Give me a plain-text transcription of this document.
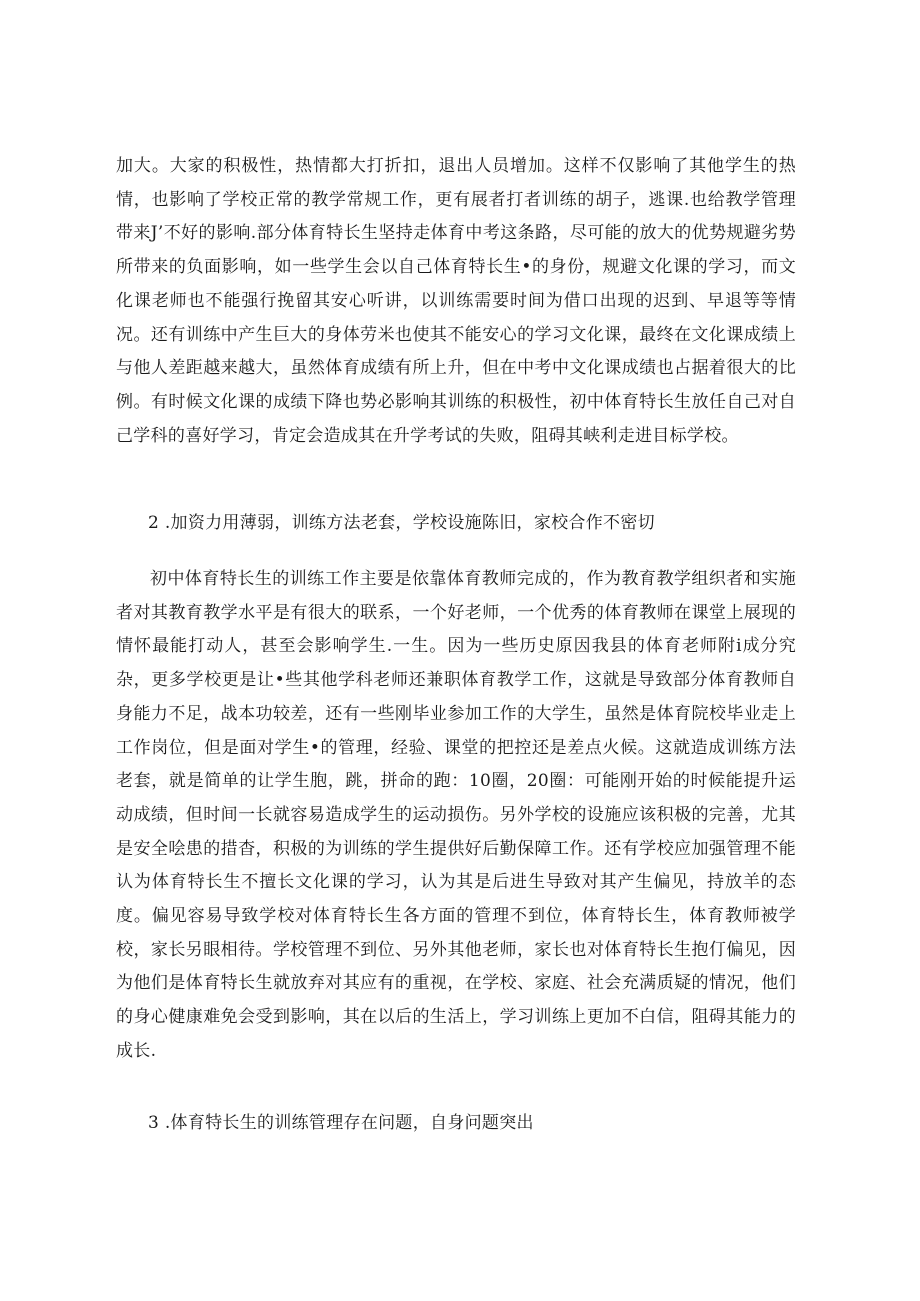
加大。大家的积极性，热情都大打折扣，退出人员增加。这样不仅影响了其他学生的热情，也影响了学校正常的教学常规工作，更有展者打者训练的胡子，逃课.也给教学管理带来J’不好的影响.部分体育特长生坚持走体育中考这条路，尽可能的放大的优势规避劣势所带来的负面影响，如一些学生会以自己体育特长生•的身份，规避文化课的学习，而文化课老师也不能强行挽留其安心听讲，以训练需要时间为借口出现的迟到、早退等等情况。还有训练中产生巨大的身体劳米也使其不能安心的学习文化课，最终在文化课成绩上与他人差距越来越大，虽然体育成绩有所上升，但在中考中文化课成绩也占据着很大的比例。有时候文化课的成绩下降也势必影响其训练的积极性，初中体育特长生放任自己对自己学科的喜好学习，肯定会造成其在升学考试的失败，阻碍其峡利走进目标学校。

2 .加资力用薄弱，训练方法老套，学校设施陈旧，家校合作不密切

初中体育特长生的训练工作主要是依靠体育教师完成的，作为教育教学组织者和实施者对其教育教学水平是有很大的联系，一个好老师，一个优秀的体育教师在课堂上展现的情怀最能打动人，甚至会影响学生.一生。因为一些历史原因我县的体育老师附i成分究杂，更多学校更是让•些其他学科老师还兼职体育教学工作，这就是导致部分体育教师自身能力不足，战本功较差，还有一些刚毕业参加工作的大学生，虽然是体育院校毕业走上工作岗位，但是面对学生•的管理，经验、课堂的把控还是差点火候。这就造成训练方法老套，就是简单的让学生胞，跳，拼命的跑：10圈，20圈：可能刚开始的时候能提升运动成绩，但时间一长就容易造成学生的运动损伤。另外学校的设施应该积极的完善，尤其是安全哙患的措杳，积极的为训练的学生提供好后勤保障工作。还有学校应加强管理不能认为体育特长生不擅长文化课的学习，认为其是后进生导致对其产生偏见，持放羊的态度。偏见容易导致学校对体育特长生各方面的管理不到位，体育特长生，体育教师被学校，家长另眼相待。学校管理不到位、另外其他老师，家长也对体育特长生抱仃偏见，因为他们是体育特长生就放弃对其应有的重视，在学校、家庭、社会充满质疑的情况，他们的身心健康难免会受到影响，其在以后的生活上，学习训练上更加不白信，阻碍其能力的成长.

3 .体育特长生的训练管理存在问题，自身问题突出
